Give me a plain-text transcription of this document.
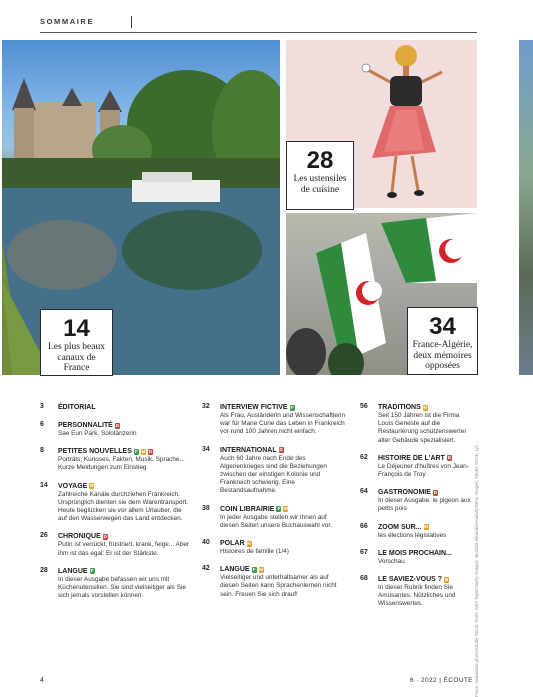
SOMMAIRE
14
Les plus beaux canaux de France
28
Les ustensiles de cuisine
34
France-Algérie, deux mémoires opposées
Fotos: makasana photo/Adobe Stock; Paris; Sam Taylor/Getty Images; Mustafa Alkaraki/Anadolu/Getty Images; Adobe Stock; Lyf...
3	ÉDITORIAL
6	PERSONNALITÉ D
Sae Eun Park, Solotänzerin
8	PETITES NOUVELLES F M D
Porträts, Kurioses, Fakten, Musik, Sprache... Kurze Meldungen zum Einstieg
14	VOYAGE M
Zahlreiche Kanäle durchziehen Frankreich. Ursprünglich dienten sie dem Warentransport. Heute beglücken sie vor allem Urlauber, die auf den Wasserwegen das Land entdecken.
26	CHRONIQUE D
Putin ist verrückt, frustriert, krank, feige... Aber ihm ist das egal: Er ist der Stärkste.
28	LANGUE F
In dieser Ausgabe befassen wir uns mit Küchenutensilien. Sie sind vielseitiger als Sie sich jemals vorstellen können.
32	INTERVIEW FICTIVE F
Als Frau, Ausländerin und Wissenschaftlerin war für Marie Curie das Leben in Frankreich vor rund 100 Jahren nicht einfach.
34	INTERNATIONAL D
Auch 60 Jahre nach Ende des Algerienkrieges sind die Beziehungen zwischen der einstigen Kolonie und Frankreich schwierig. Eine Bestandsaufnahme.
38	COIN LIBRAIRIE F M
In jeder Ausgabe stellen wir Ihnen auf diesen Seiten unsere Buchauswahl vor.
40	POLAR M
Histoires de famille (1/4)
42	LANGUE F M
Vielseitiger und unterhaltsamer als auf diesen Seiten kann Sprachenlernen nicht sein. Freuen Sie sich drauf!
56	TRADITIONS M
Seit 150 Jahren ist die Firma Louis Geneste auf die Restaurierung schützenswerter alter Gebäude spezialisiert.
62	HISTOIRE DE L'ART D
Le Déjeuner d'huîtres von Jean-François de Troy
64	GASTRONOMIE D
In dieser Ausgabe: le pigeon aux petits pois
66	ZOOM SUR... M
les élections législatives
67	LE MOIS PROCHAIN...
Vorschau
68	LE SAVIEZ-VOUS ? M
In dieser Rubrik finden Sie Amüsantes, Nützliches und Wissenswertes.
4	6 · 2022 | ÉCOUTE
